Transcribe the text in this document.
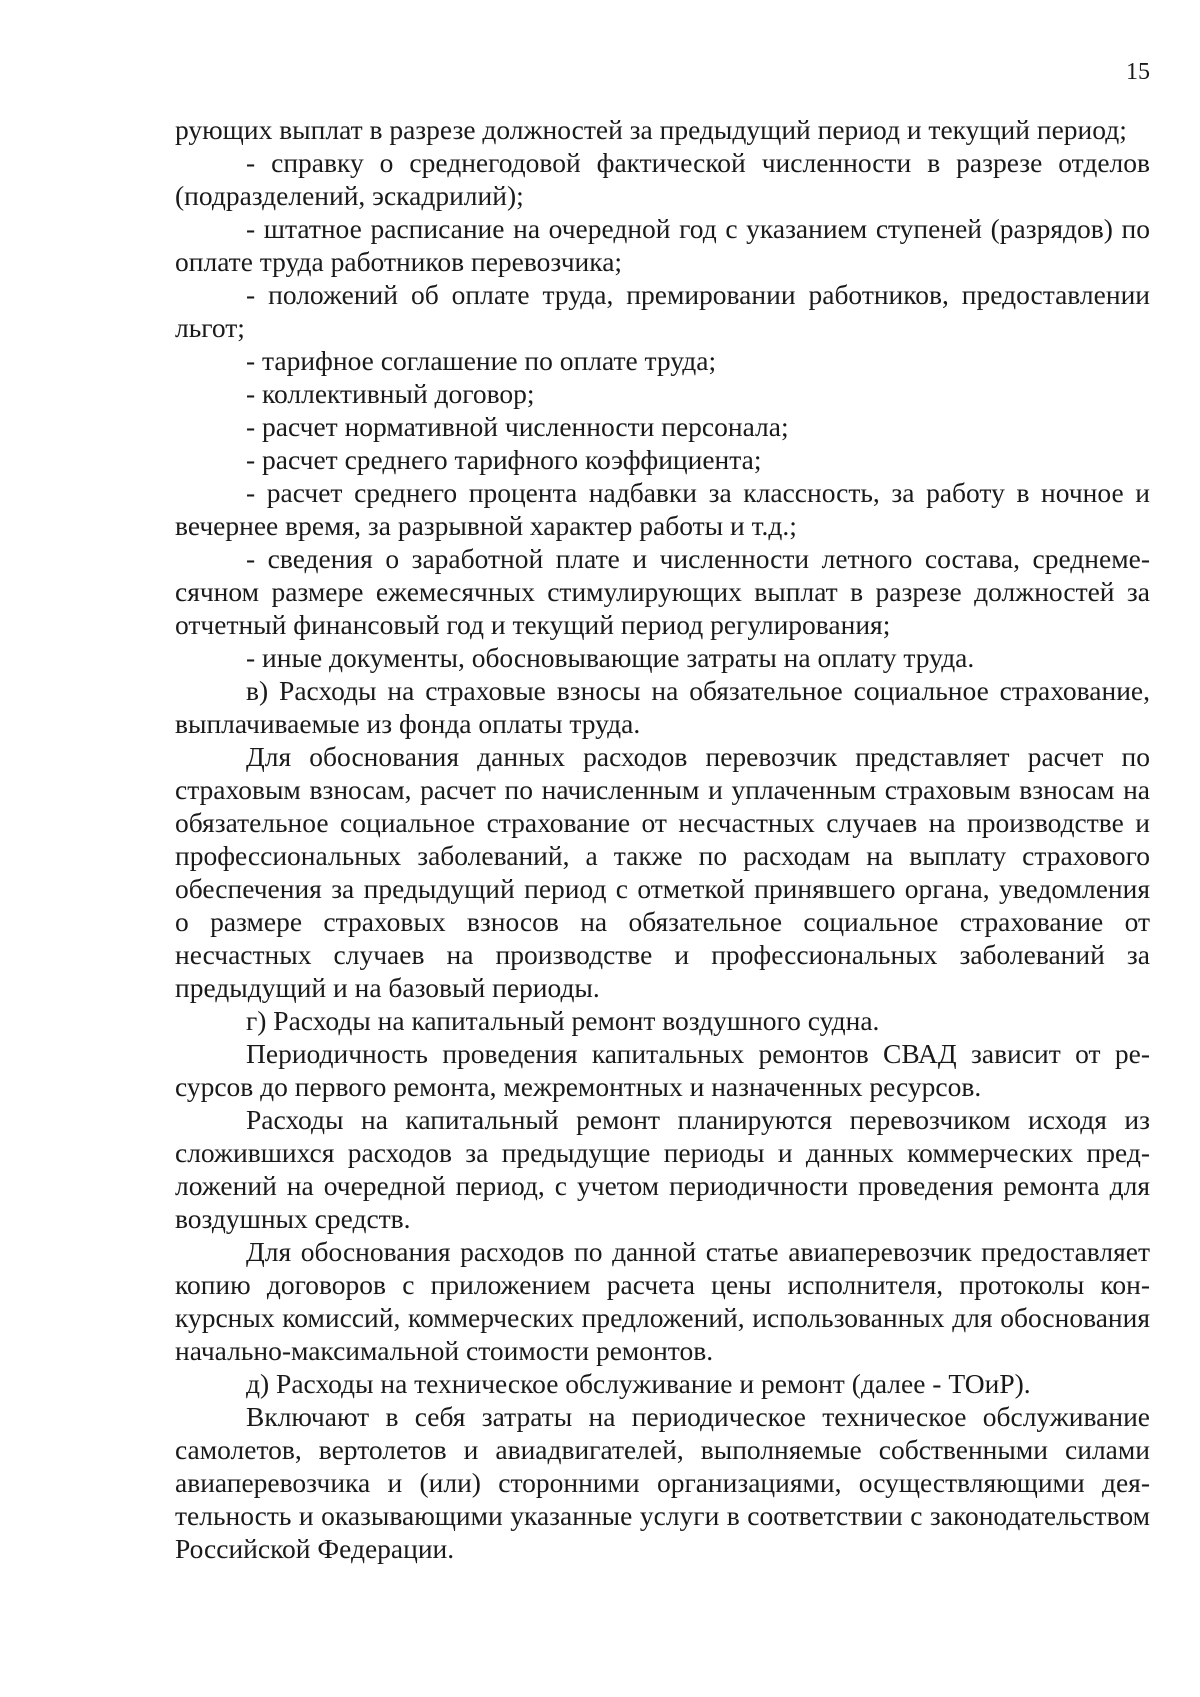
15

рующих выплат в разрезе должностей за предыдущий период и текущий период;

- справку о среднегодовой фактической численности в разрезе отделов (подразделений, эскадрилий);

- штатное расписание на очередной год с указанием ступеней (разрядов) по оплате труда работников перевозчика;

- положений об оплате труда, премировании работников, предоставлении льгот;

- тарифное соглашение по оплате труда;

- коллективный договор;

- расчет нормативной численности персонала;

- расчет среднего тарифного коэффициента;

- расчет среднего процента надбавки за классность, за работу в ночное и вечернее время, за разрывной характер работы и т.д.;

- сведения о заработной плате и численности летного состава, среднемесячном размере ежемесячных стимулирующих выплат в разрезе должностей за отчетный финансовый год и текущий период регулирования;

- иные документы, обосновывающие затраты на оплату труда.

в) Расходы на страховые взносы на обязательное социальное страхование, выплачиваемые из фонда оплаты труда.

Для обоснования данных расходов перевозчик представляет расчет по страховым взносам, расчет по начисленным и уплаченным страховым взносам на обязательное социальное страхование от несчастных случаев на производстве и профессиональных заболеваний, а также по расходам на выплату страхового обеспечения за предыдущий период с отметкой принявшего органа, уведомления о размере страховых взносов на обязательное социальное страхование от несчастных случаев на производстве и профессиональных заболеваний за предыдущий и на базовый периоды.

г) Расходы на капитальный ремонт воздушного судна.

Периодичность проведения капитальных ремонтов СВАД зависит от ресурсов до первого ремонта, межремонтных и назначенных ресурсов.

Расходы на капитальный ремонт планируются перевозчиком исходя из сложившихся расходов за предыдущие периоды и данных коммерческих предложений на очередной период, с учетом периодичности проведения ремонта для воздушных средств.

Для обоснования расходов по данной статье авиаперевозчик предоставляет копию договоров с приложением расчета цены исполнителя, протоколы конкурсных комиссий, коммерческих предложений, использованных для обоснования начально-максимальной стоимости ремонтов.

д) Расходы на техническое обслуживание и ремонт (далее - ТОиР).

Включают в себя затраты на периодическое техническое обслуживание самолетов, вертолетов и авиадвигателей, выполняемые собственными силами авиаперевозчика и (или) сторонними организациями, осуществляющими деятельность и оказывающими указанные услуги в соответствии с законодательством Российской Федерации.
